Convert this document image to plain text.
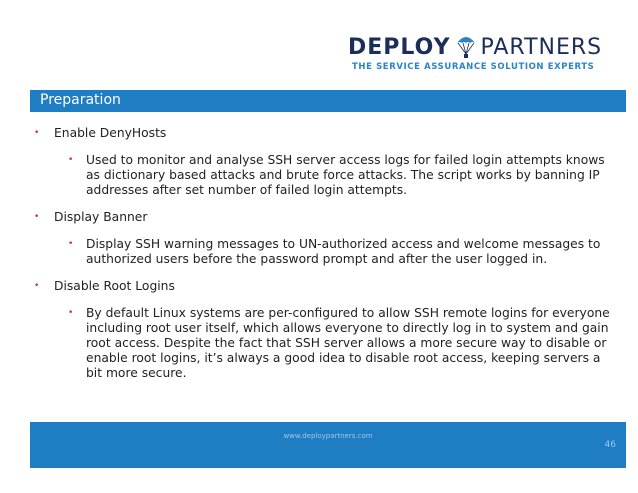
DEPLOY PARTNERS
THE SERVICE ASSURANCE SOLUTION EXPERTS
Preparation
• Enable DenyHosts
• Used to monitor and analyse SSH server access logs for failed login attempts knows as dictionary based attacks and brute force attacks. The script works by banning IP addresses after set number of failed login attempts.
• Display Banner
• Display SSH warning messages to UN-authorized access and welcome messages to authorized users before the password prompt and after the user logged in.
• Disable Root Logins
• By default Linux systems are per-configured to allow SSH remote logins for everyone including root user itself, which allows everyone to directly log in to system and gain root access. Despite the fact that SSH server allows a more secure way to disable or enable root logins, it’s always a good idea to disable root access, keeping servers a bit more secure.
www.deploypartners.com
46
